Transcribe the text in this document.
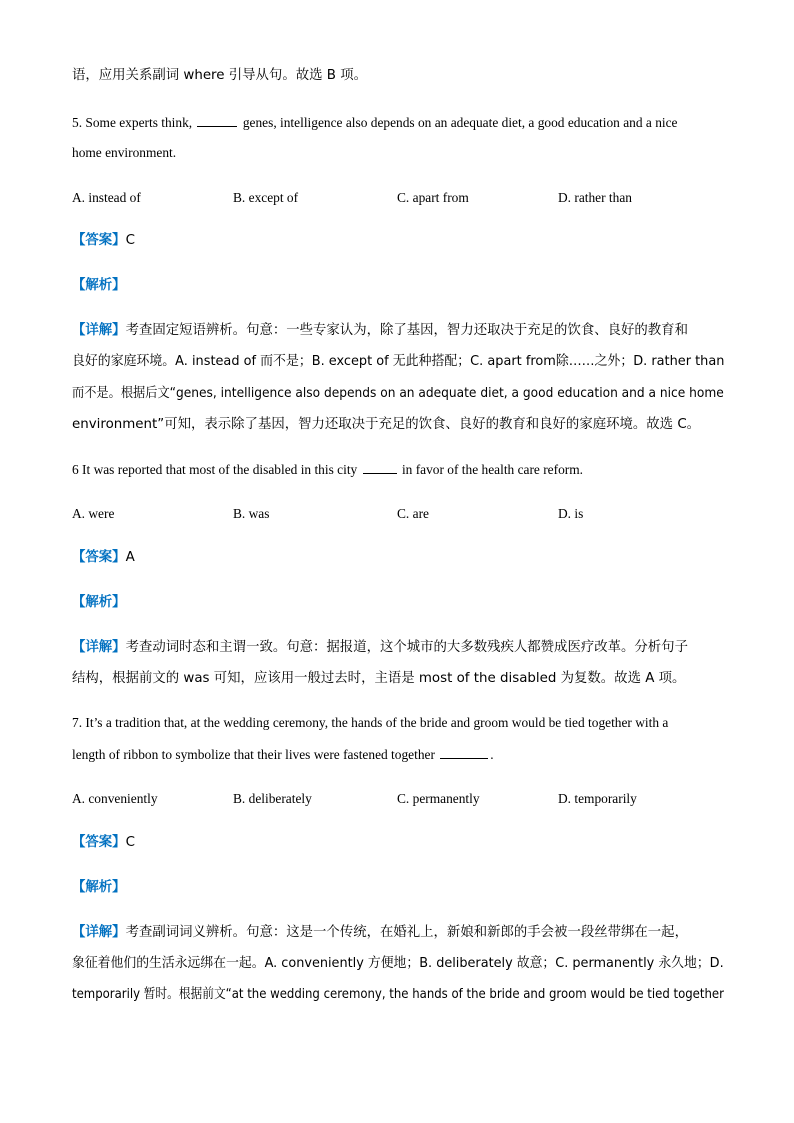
语，应用关系副词 where 引导从句。故选 B 项。
5. Some experts think,	genes, intelligence also depends on an adequate diet, a good education and a nice
home environment.
A. instead of	B. except of	C. apart from	D. rather than
【答案】C
【解析】
【详解】考查固定短语辨析。句意：一些专家认为，除了基因，智力还取决于充足的饮食、良好的教育和
良好的家庭环境。A. instead of 而不是；B. except of 无此种搭配；C. apart from除……之外；D. rather than
而不是。根据后文“genes, intelligence also depends on an adequate diet, a good education and a nice home
environment”可知，表示除了基因，智力还取决于充足的饮食、良好的教育和良好的家庭环境。故选 C。
6 It was reported that most of the disabled in this city	in favor of the health care reform.
A. were	B. was	C. are	D. is
【答案】A
【解析】
【详解】考查动词时态和主谓一致。句意：据报道，这个城市的大多数残疾人都赞成医疗改革。分析句子
结构，根据前文的 was 可知，应该用一般过去时，主语是 most of the disabled 为复数。故选 A 项。
7. It’s a tradition that, at the wedding ceremony, the hands of the bride and groom would be tied together with a
length of ribbon to symbolize that their lives were fastened together	.
A. conveniently	B. deliberately	C. permanently	D. temporarily
【答案】C
【解析】
【详解】考查副词词义辨析。句意：这是一个传统，在婚礼上，新娘和新郎的手会被一段丝带绑在一起，
象征着他们的生活永远绑在一起。A. conveniently 方便地；B. deliberately 故意；C. permanently 永久地；D.
temporarily 暂时。根据前文“at the wedding ceremony, the hands of the bride and groom would be tied together
